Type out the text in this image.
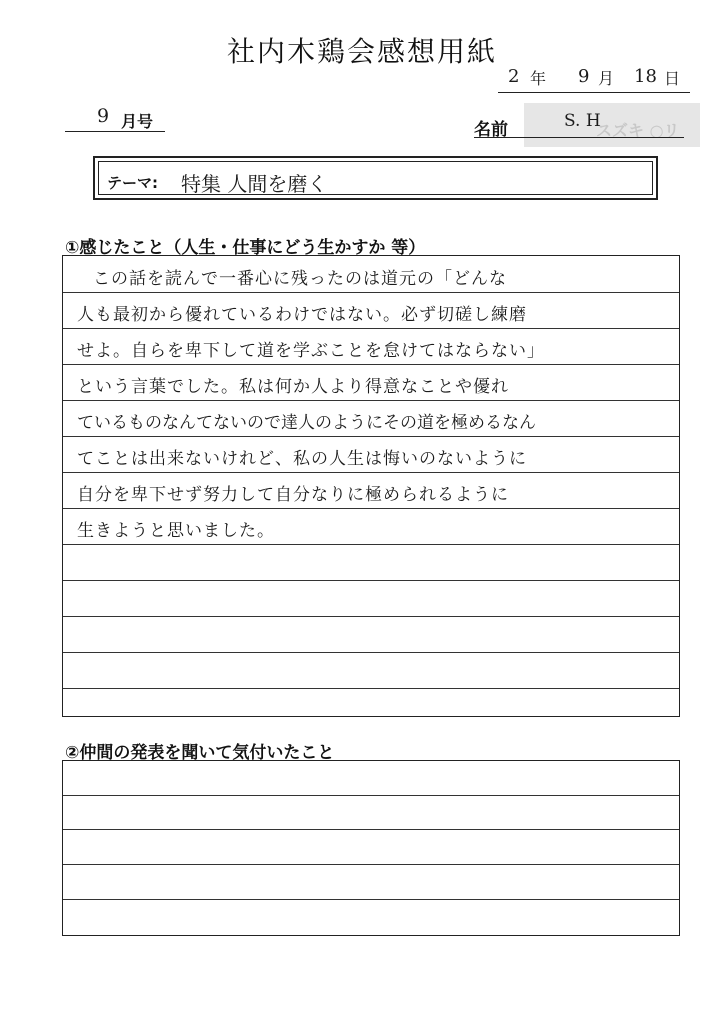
社内木鶏会感想用紙
2 年 9 月 18 日
9 月号	スズキ ○リ
名前	S. H
テーマ: 特集 人間を磨く
①感じたこと（人生・仕事にどう生かすか 等）
この話を読んで一番心に残ったのは道元の「どんな
人も最初から優れているわけではない。必ず切磋し練磨
せよ。自らを卑下して道を学ぶことを怠けてはならない」
という言葉でした。私は何か人より得意なことや優れ
ているものなんてないので達人のようにその道を極めるなん
てことは出来ないけれど、私の人生は悔いのないように
自分を卑下せず努力して自分なりに極められるように
生きようと思いました。
②仲間の発表を聞いて気付いたこと
